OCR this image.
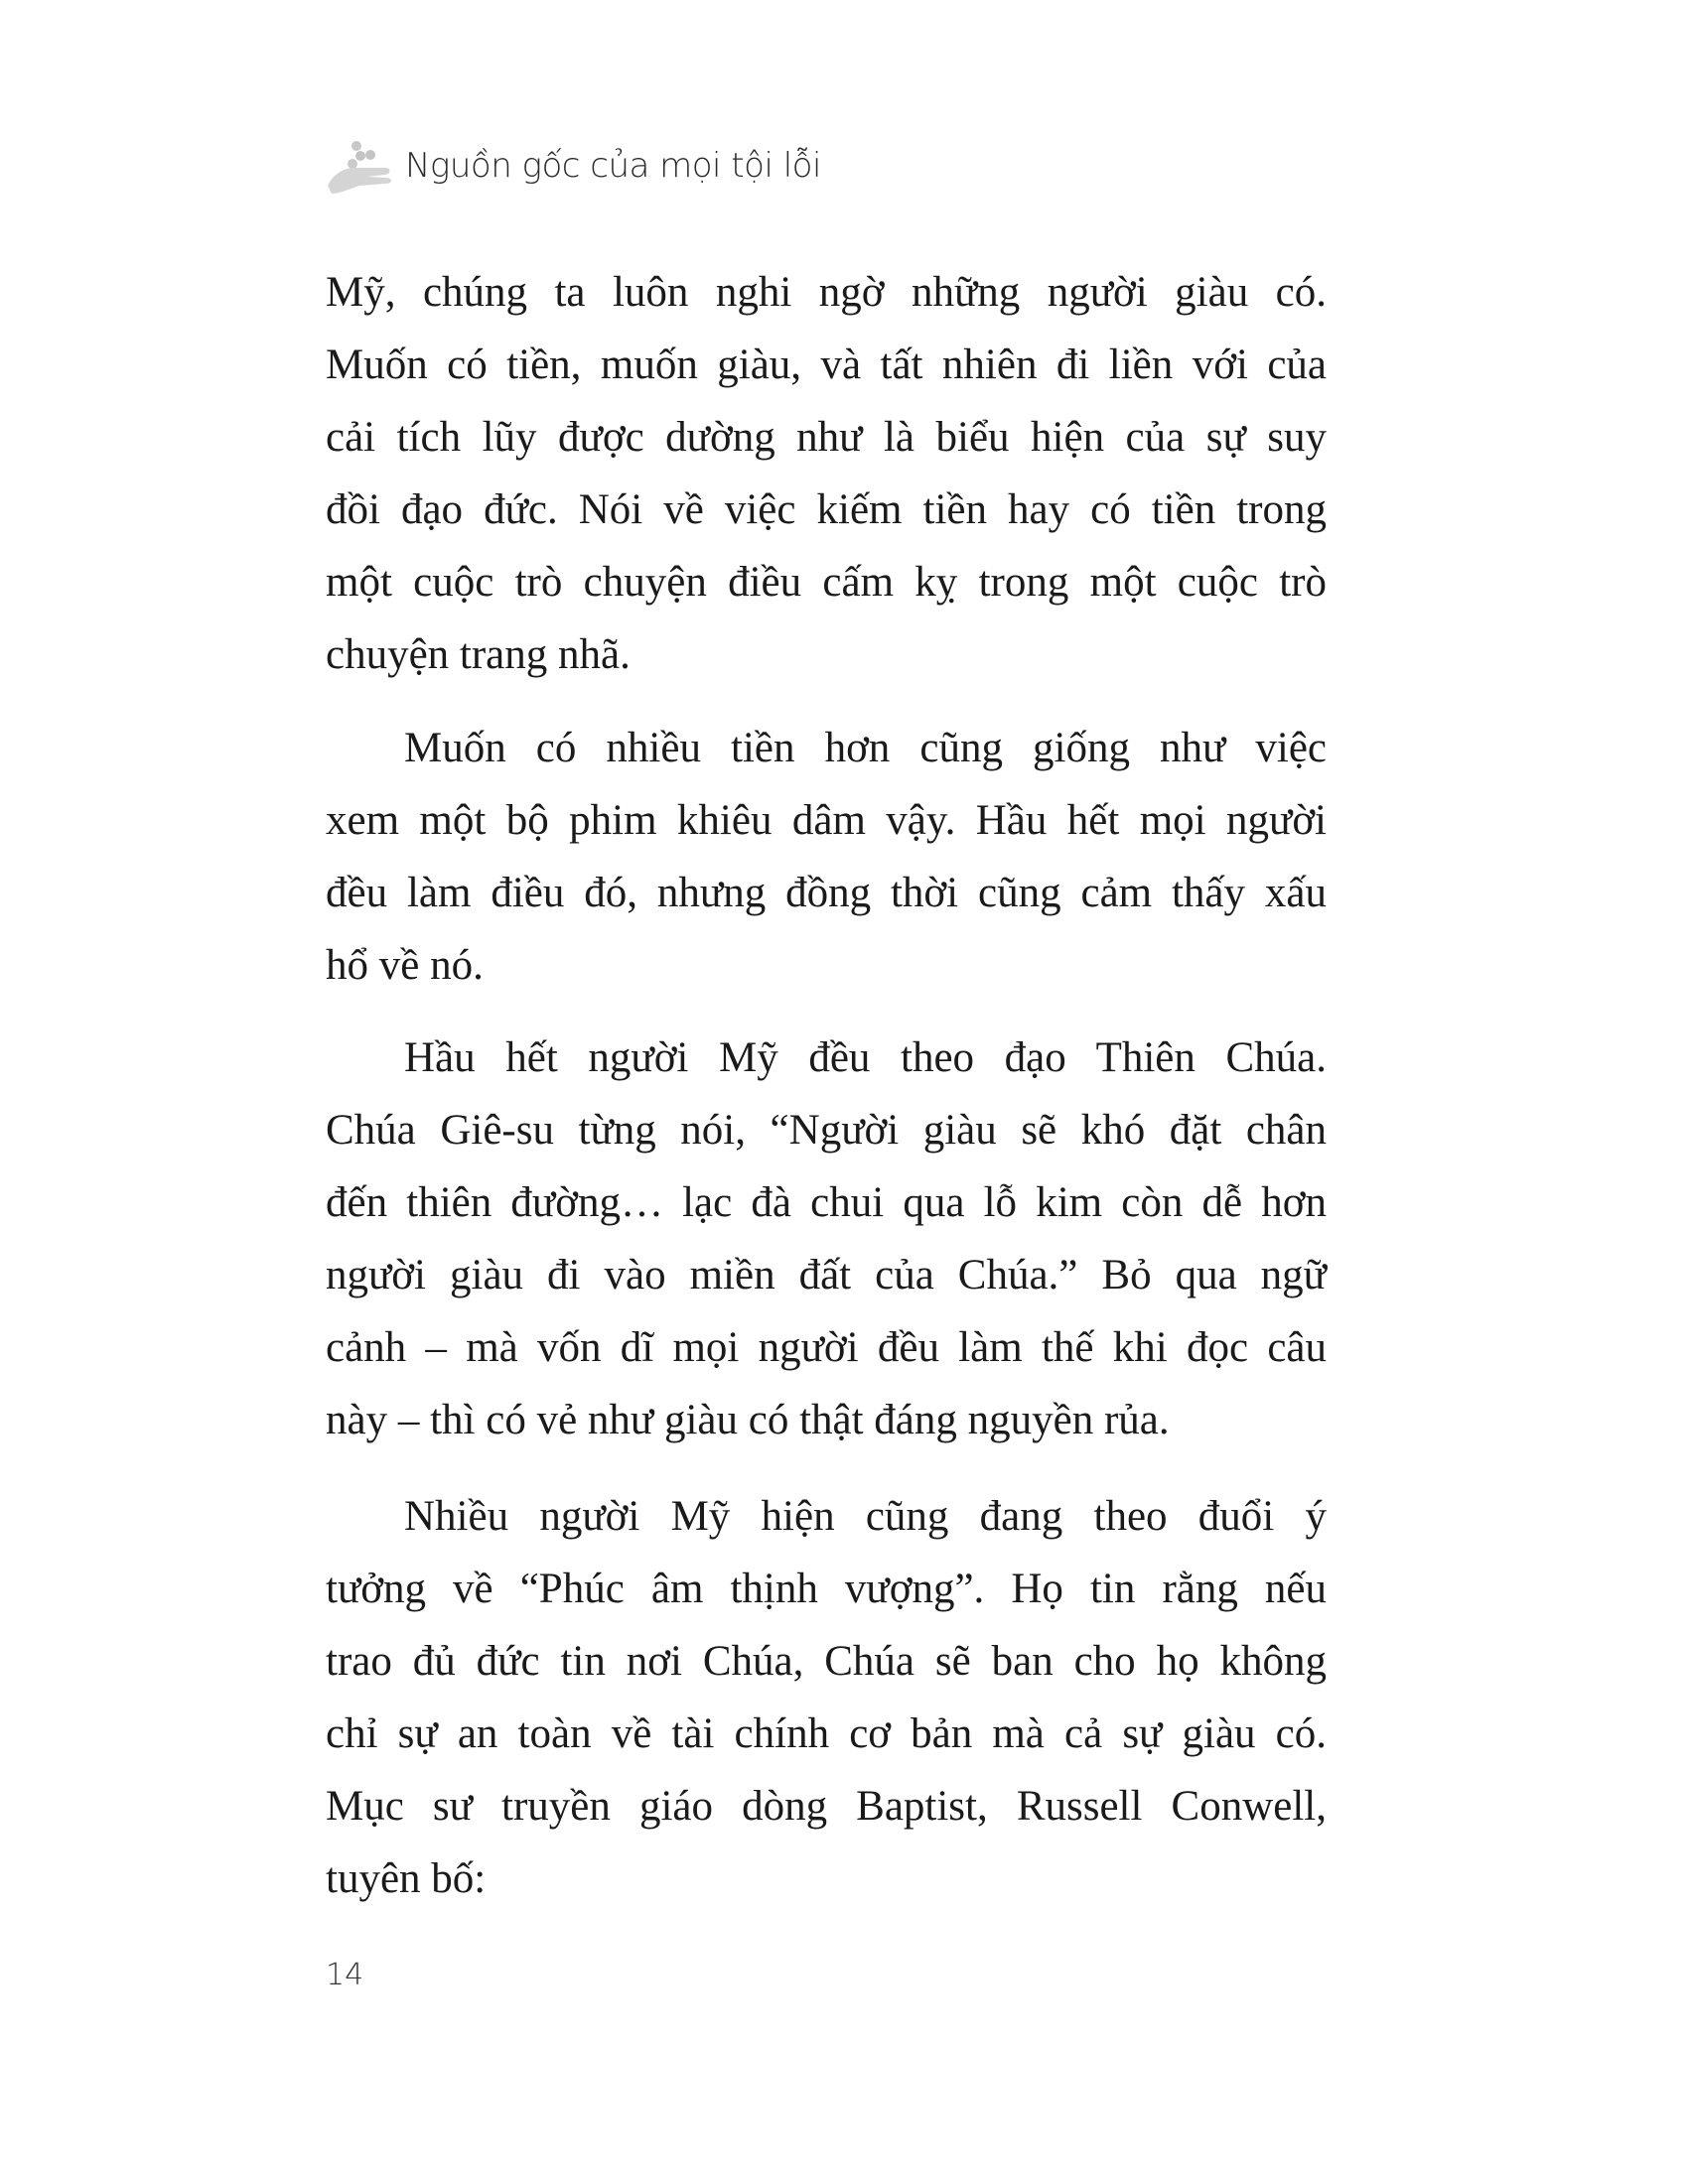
Nguồn gốc của mọi tội lỗi
Mỹ, chúng ta luôn nghi ngờ những người giàu có.
Muốn có tiền, muốn giàu, và tất nhiên đi liền với của
cải tích lũy được dường như là biểu hiện của sự suy
đồi đạo đức. Nói về việc kiếm tiền hay có tiền trong
một cuộc trò chuyện điều cấm kỵ trong một cuộc trò
chuyện trang nhã.
Muốn có nhiều tiền hơn cũng giống như việc
xem một bộ phim khiêu dâm vậy. Hầu hết mọi người
đều làm điều đó, nhưng đồng thời cũng cảm thấy xấu
hổ về nó.
Hầu hết người Mỹ đều theo đạo Thiên Chúa.
Chúa Giê-su từng nói, “Người giàu sẽ khó đặt chân
đến thiên đường… lạc đà chui qua lỗ kim còn dễ hơn
người giàu đi vào miền đất của Chúa.” Bỏ qua ngữ
cảnh – mà vốn dĩ mọi người đều làm thế khi đọc câu
này – thì có vẻ như giàu có thật đáng nguyền rủa.
Nhiều người Mỹ hiện cũng đang theo đuổi ý
tưởng về “Phúc âm thịnh vượng”. Họ tin rằng nếu
trao đủ đức tin nơi Chúa, Chúa sẽ ban cho họ không
chỉ sự an toàn về tài chính cơ bản mà cả sự giàu có.
Mục sư truyền giáo dòng Baptist, Russell Conwell,
tuyên bố:
14
